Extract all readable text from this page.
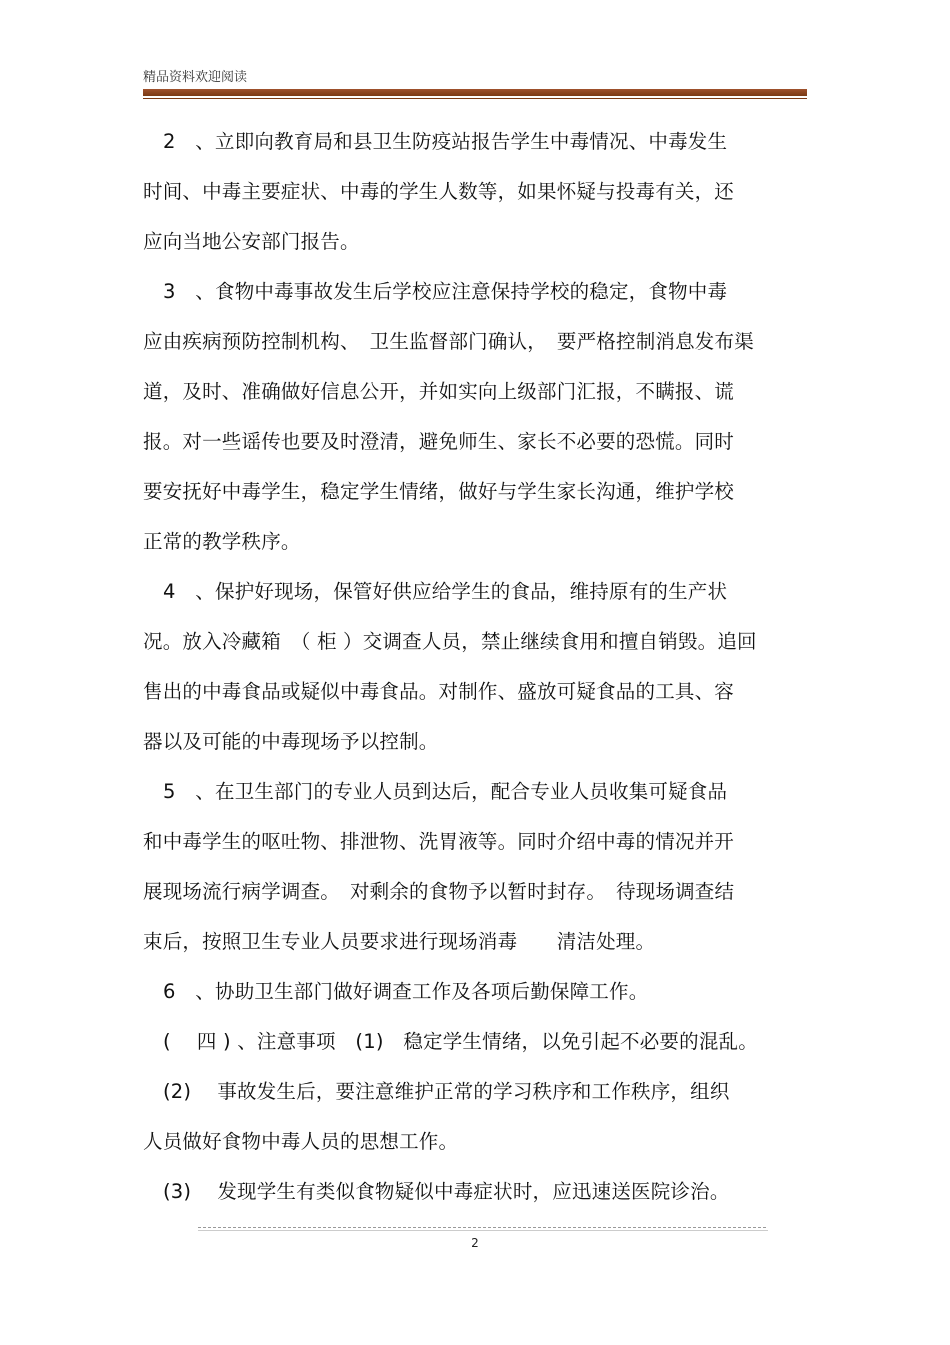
精品资料欢迎阅读
2　、立即向教育局和县卫生防疫站报告学生中毒情况、中毒发生
时间、中毒主要症状、中毒的学生人数等，如果怀疑与投毒有关，还
应向当地公安部门报告。
3　、食物中毒事故发生后学校应注意保持学校的稳定，食物中毒
应由疾病预防控制机构、　卫生监督部门确认，　要严格控制消息发布渠
道，及时、准确做好信息公开，并如实向上级部门汇报，不瞒报、谎
报。对一些谣传也要及时澄清，避免师生、家长不必要的恐慌。同时
要安抚好中毒学生，稳定学生情绪，做好与学生家长沟通，维护学校
正常的教学秩序。
4　、保护好现场，保管好供应给学生的食品，维持原有的生产状
况。放入冷藏箱　（ 柜 ）交调查人员，禁止继续食用和擅自销毁。追回
售出的中毒食品或疑似中毒食品。对制作、盛放可疑食品的工具、容
器以及可能的中毒现场予以控制。
5　、在卫生部门的专业人员到达后，配合专业人员收集可疑食品
和中毒学生的呕吐物、排泄物、洗胃液等。同时介绍中毒的情况并开
展现场流行病学调查。　对剩余的食物予以暂时封存。　待现场调查结
束后，按照卫生专业人员要求进行现场消毒　　清洁处理。
6　、协助卫生部门做好调查工作及各项后勤保障工作。
(　 四 ) 、注意事项　(1)　稳定学生情绪，以免引起不必要的混乱。
(2)　 事故发生后，要注意维护正常的学习秩序和工作秩序，组织
人员做好食物中毒人员的思想工作。
(3)　 发现学生有类似食物疑似中毒症状时，应迅速送医院诊治。
2
